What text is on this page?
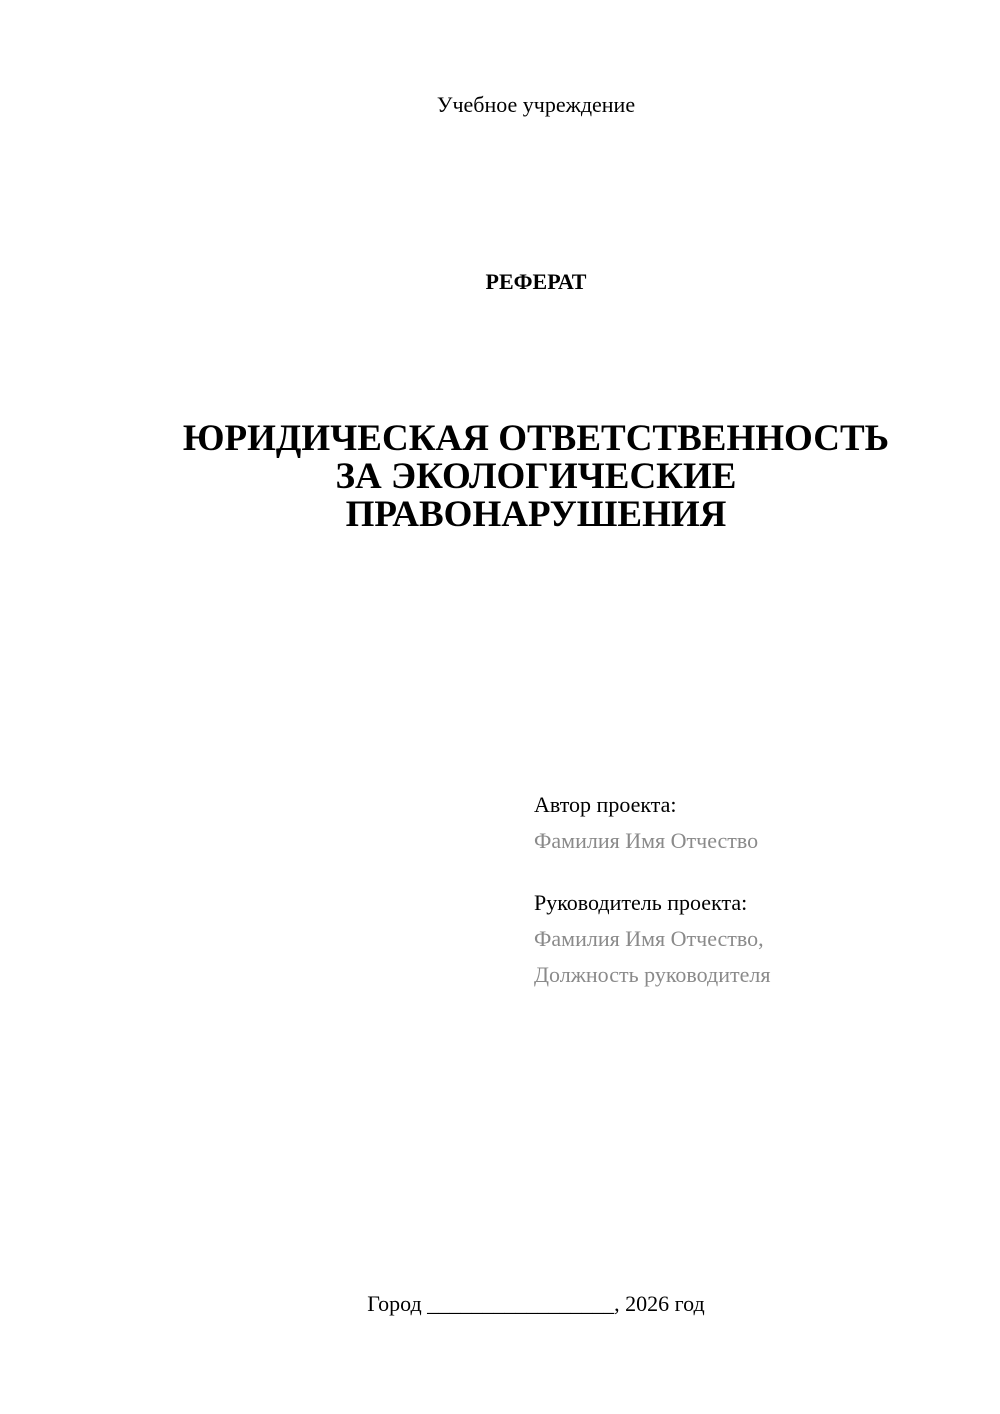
Учебное учреждение
РЕФЕРАТ
ЮРИДИЧЕСКАЯ ОТВЕТСТВЕННОСТЬ
ЗА ЭКОЛОГИЧЕСКИЕ
ПРАВОНАРУШЕНИЯ
Автор проекта:
Фамилия Имя Отчество
Руководитель проекта:
Фамилия Имя Отчество,
Должность руководителя
Город _________________, 2026 год
